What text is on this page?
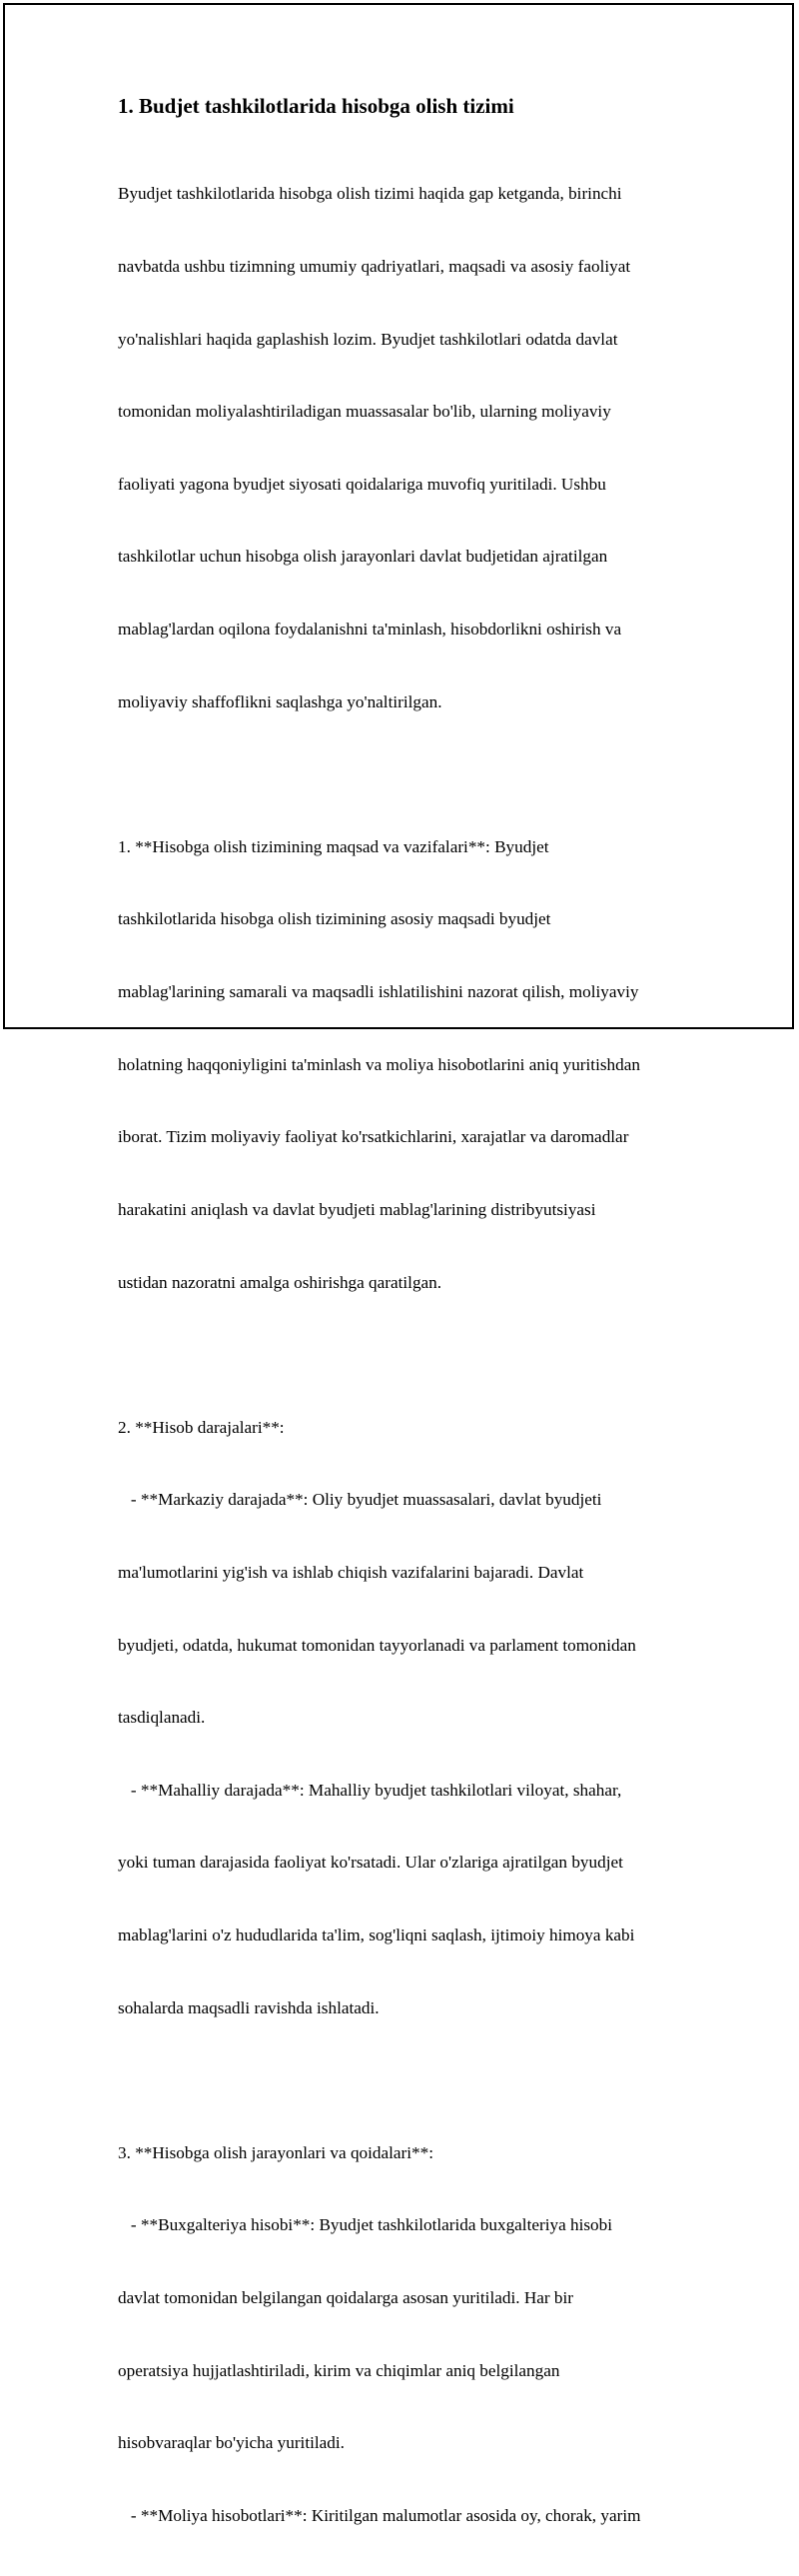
1. Budjet tashkilotlarida hisobga olish tizimi

Byudjet tashkilotlarida hisobga olish tizimi haqida gap ketganda, birinchi

navbatda ushbu tizimning umumiy qadriyatlari, maqsadi va asosiy faoliyat

yo'nalishlari haqida gaplashish lozim. Byudjet tashkilotlari odatda davlat

tomonidan moliyalashtiriladigan muassasalar bo'lib, ularning moliyaviy

faoliyati yagona byudjet siyosati qoidalariga muvofiq yuritiladi. Ushbu

tashkilotlar uchun hisobga olish jarayonlari davlat budjetidan ajratilgan

mablag'lardan oqilona foydalanishni ta'minlash, hisobdorlikni oshirish va

moliyaviy shaffoflikni saqlashga yo'naltirilgan.

1. **Hisobga olish tizimining maqsad va vazifalari**: Byudjet

tashkilotlarida hisobga olish tizimining asosiy maqsadi byudjet

mablag'larining samarali va maqsadli ishlatilishini nazorat qilish, moliyaviy

holatning haqqoniyligini ta'minlash va moliya hisobotlarini aniq yuritishdan

iborat. Tizim moliyaviy faoliyat ko'rsatkichlarini, xarajatlar va daromadlar

harakatini aniqlash va davlat byudjeti mablag'larining distribyutsiyasi

ustidan nazoratni amalga oshirishga qaratilgan.

2. **Hisob darajalari**:

- **Markaziy darajada**: Oliy byudjet muassasalari, davlat byudjeti

ma'lumotlarini yig'ish va ishlab chiqish vazifalarini bajaradi. Davlat

byudjeti, odatda, hukumat tomonidan tayyorlanadi va parlament tomonidan

tasdiqlanadi.

- **Mahalliy darajada**: Mahalliy byudjet tashkilotlari viloyat, shahar,

yoki tuman darajasida faoliyat ko'rsatadi. Ular o'zlariga ajratilgan byudjet

mablag'larini o'z hududlarida ta'lim, sog'liqni saqlash, ijtimoiy himoya kabi

sohalarda maqsadli ravishda ishlatadi.

3. **Hisobga olish jarayonlari va qoidalari**:

- **Buxgalteriya hisobi**: Byudjet tashkilotlarida buxgalteriya hisobi

davlat tomonidan belgilangan qoidalarga asosan yuritiladi. Har bir

operatsiya hujjatlashtiriladi, kirim va chiqimlar aniq belgilangan

hisobvaraqlar bo'yicha yuritiladi.

- **Moliya hisobotlari**: Kiritilgan malumotlar asosida oy, chorak, yarim
